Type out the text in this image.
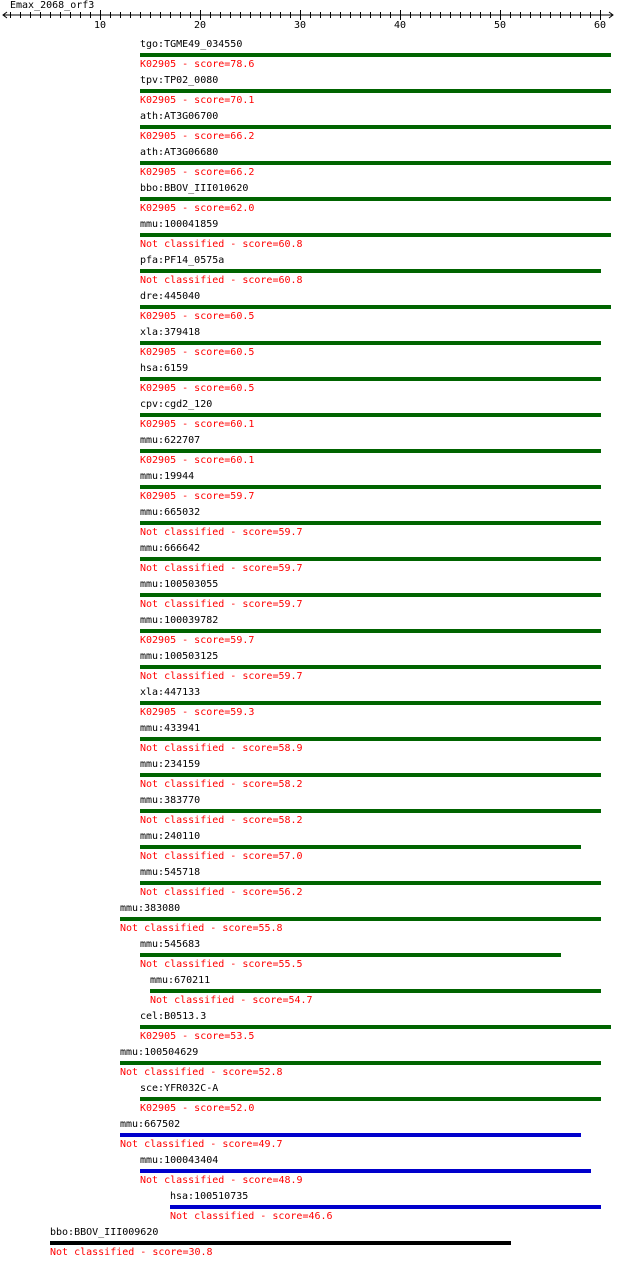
Emax_2068_orf3
10	20	30	40	50	60
tgo:TGME49_034550
K02905 - score=78.6
tpv:TP02_0080
K02905 - score=70.1
ath:AT3G06700
K02905 - score=66.2
ath:AT3G06680
K02905 - score=66.2
bbo:BBOV_III010620
K02905 - score=62.0
mmu:100041859
Not classified - score=60.8
pfa:PF14_0575a
Not classified - score=60.8
dre:445040
K02905 - score=60.5
xla:379418
K02905 - score=60.5
hsa:6159
K02905 - score=60.5
cpv:cgd2_120
K02905 - score=60.1
mmu:622707
K02905 - score=60.1
mmu:19944
K02905 - score=59.7
mmu:665032
Not classified - score=59.7
mmu:666642
Not classified - score=59.7
mmu:100503055
Not classified - score=59.7
mmu:100039782
K02905 - score=59.7
mmu:100503125
Not classified - score=59.7
xla:447133
K02905 - score=59.3
mmu:433941
Not classified - score=58.9
mmu:234159
Not classified - score=58.2
mmu:383770
Not classified - score=58.2
mmu:240110
Not classified - score=57.0
mmu:545718
Not classified - score=56.2
mmu:383080
Not classified - score=55.8
mmu:545683
Not classified - score=55.5
mmu:670211
Not classified - score=54.7
cel:B0513.3
K02905 - score=53.5
mmu:100504629
Not classified - score=52.8
sce:YFR032C-A
K02905 - score=52.0
mmu:667502
Not classified - score=49.7
mmu:100043404
Not classified - score=48.9
hsa:100510735
Not classified - score=46.6
bbo:BBOV_III009620
Not classified - score=30.8
